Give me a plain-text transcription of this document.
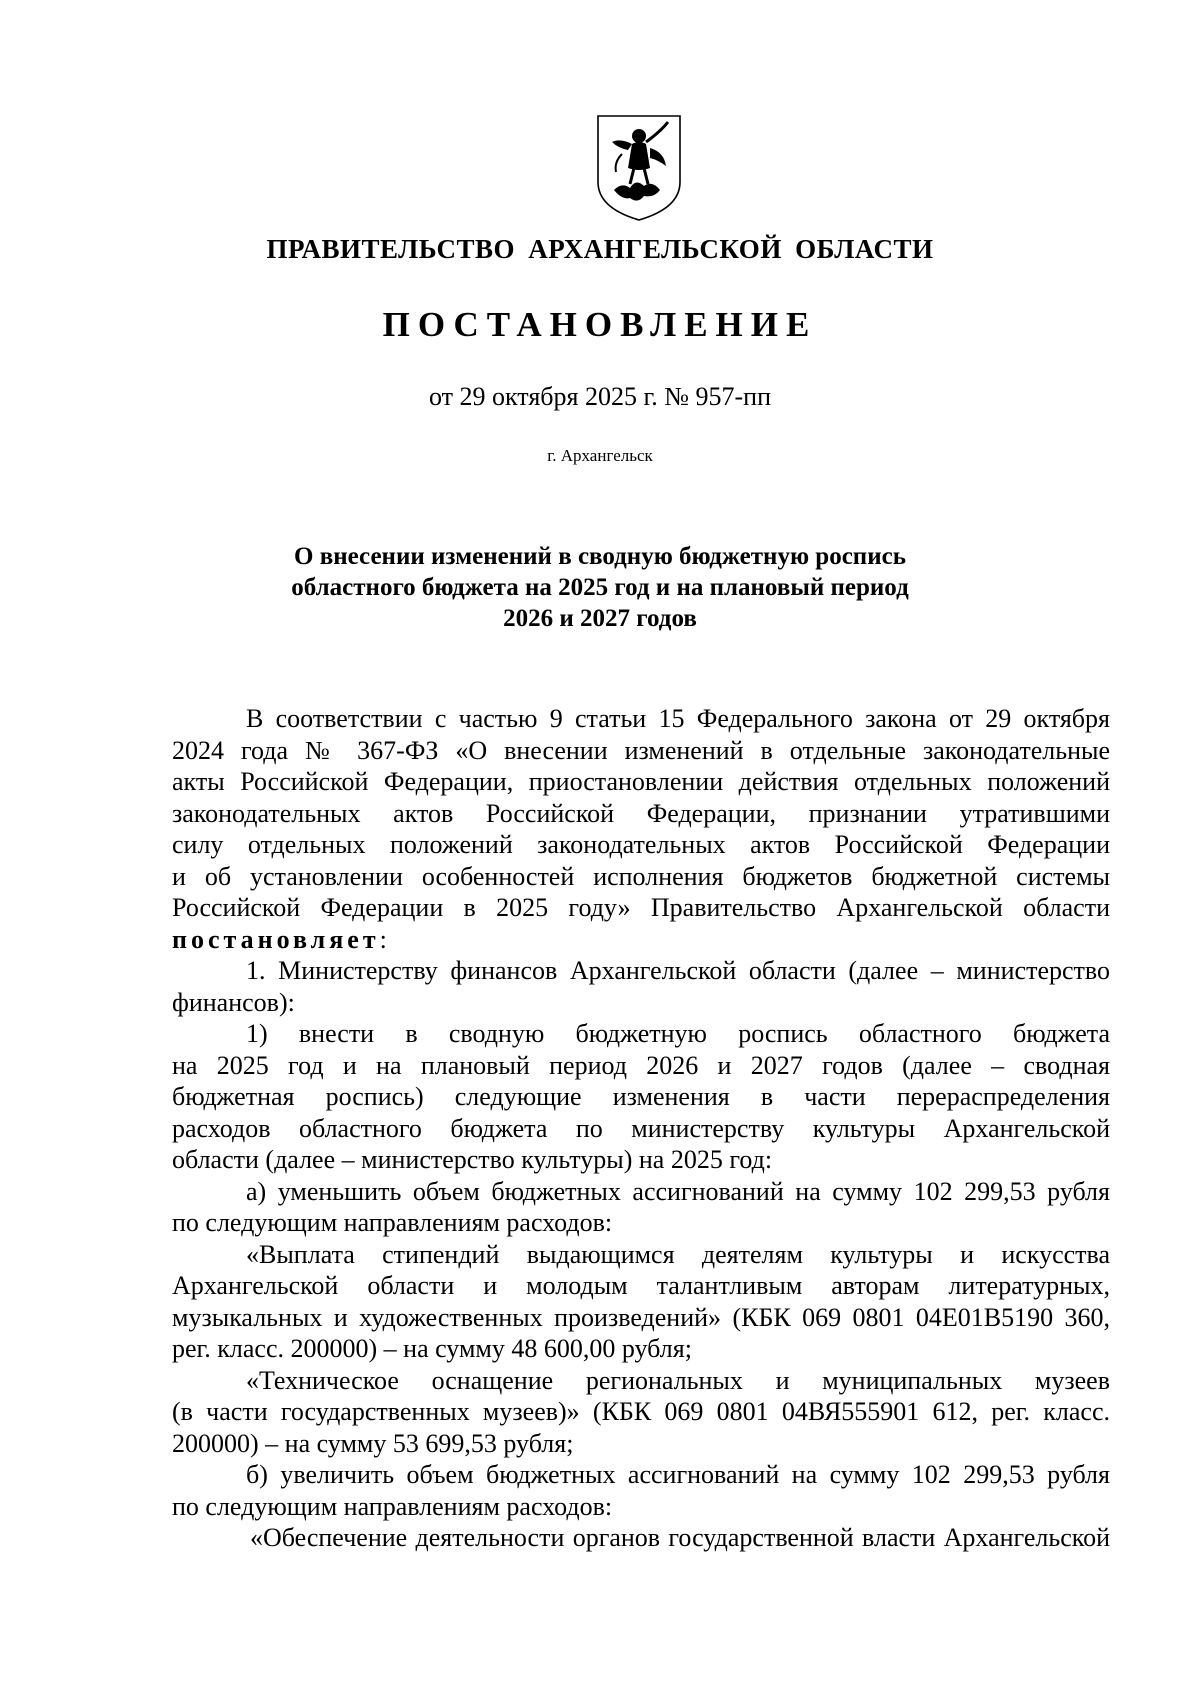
ПРАВИТЕЛЬСТВО АРХАНГЕЛЬСКОЙ ОБЛАСТИ
ПОСТАНОВЛЕНИЕ
от 29 октября 2025 г. № 957-пп
г. Архангельск
О внесении изменений в сводную бюджетную роспись
областного бюджета на 2025 год и на плановый период
2026 и 2027 годов
В соответствии с частью 9 статьи 15 Федерального закона от 29 октября
2024 года № 367-ФЗ «О внесении изменений в отдельные законодательные
акты Российской Федерации, приостановлении действия отдельных положений
законодательных актов Российской Федерации, признании утратившими
силу отдельных положений законодательных актов Российской Федерации
и об установлении особенностей исполнения бюджетов бюджетной системы
Российской Федерации в 2025 году» Правительство Архангельской области
постановляет:
1. Министерству финансов Архангельской области (далее – министерство
финансов):
1) внести в сводную бюджетную роспись областного бюджета
на 2025 год и на плановый период 2026 и 2027 годов (далее – сводная
бюджетная роспись) следующие изменения в части перераспределения
расходов областного бюджета по министерству культуры Архангельской
области (далее – министерство культуры) на 2025 год:
а) уменьшить объем бюджетных ассигнований на сумму 102 299,53 рубля
по следующим направлениям расходов:
«Выплата стипендий выдающимся деятелям культуры и искусства
Архангельской области и молодым талантливым авторам литературных,
музыкальных и художественных произведений» (КБК 069 0801 04Е01В5190 360,
рег. класс. 200000) – на сумму 48 600,00 рубля;
«Техническое оснащение региональных и муниципальных музеев
(в части государственных музеев)» (КБК 069 0801 04ВЯ555901 612, рег. класс.
200000) – на сумму 53 699,53 рубля;
б) увеличить объем бюджетных ассигнований на сумму 102 299,53 рубля
по следующим направлениям расходов:
«Обеспечение деятельности органов государственной власти Архангельской
